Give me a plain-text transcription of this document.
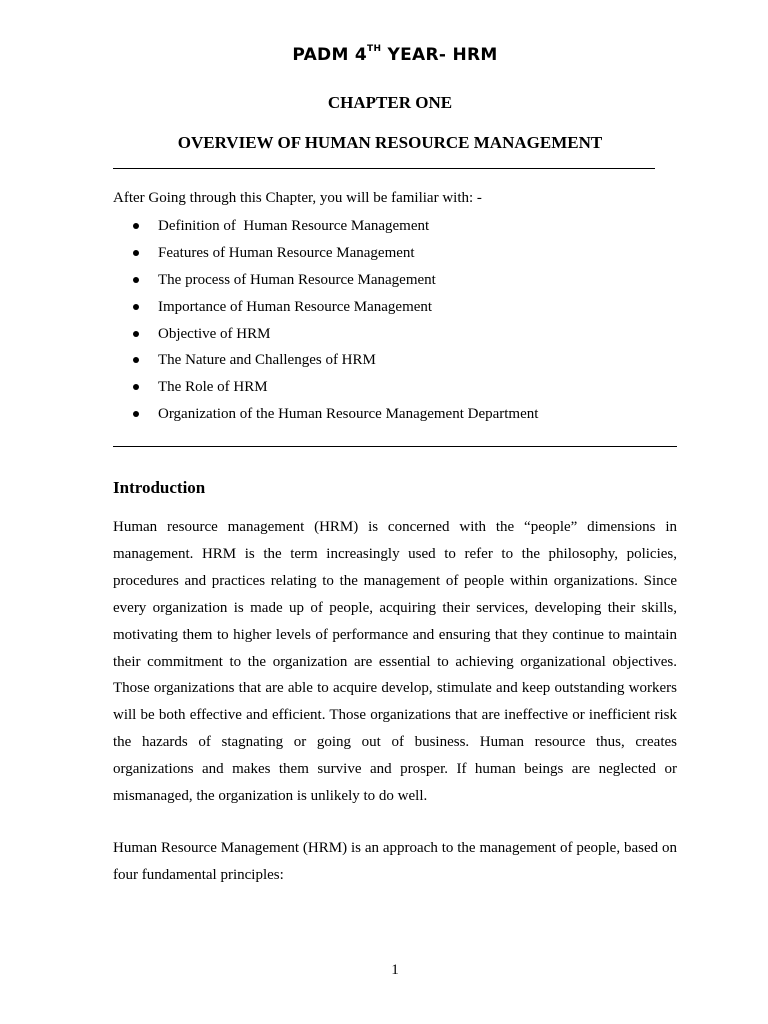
PADM 4TH YEAR- HRM
CHAPTER ONE
OVERVIEW OF HUMAN RESOURCE MANAGEMENT
After Going through this Chapter, you will be familiar with: -
Definition of  Human Resource Management
Features of Human Resource Management
The process of Human Resource Management
Importance of Human Resource Management
Objective of HRM
The Nature and Challenges of HRM
The Role of HRM
Organization of the Human Resource Management Department
Introduction

Human resource management (HRM) is concerned with the “people” dimensions in management. HRM is the term increasingly used to refer to the philosophy, policies, procedures and practices relating to the management of people within organizations. Since every organization is made up of people, acquiring their services, developing their skills, motivating them to higher levels of performance and ensuring that they continue to maintain their commitment to the organization are essential to achieving organizational objectives. Those organizations that are able to acquire develop, stimulate and keep outstanding workers will be both effective and efficient. Those organizations that are ineffective or inefficient risk the hazards of stagnating or going out of business. Human resource thus, creates organizations and makes them survive and prosper. If human beings are neglected or mismanaged, the organization is unlikely to do well.

Human Resource Management (HRM) is an approach to the management of people, based on four fundamental principles:

1
